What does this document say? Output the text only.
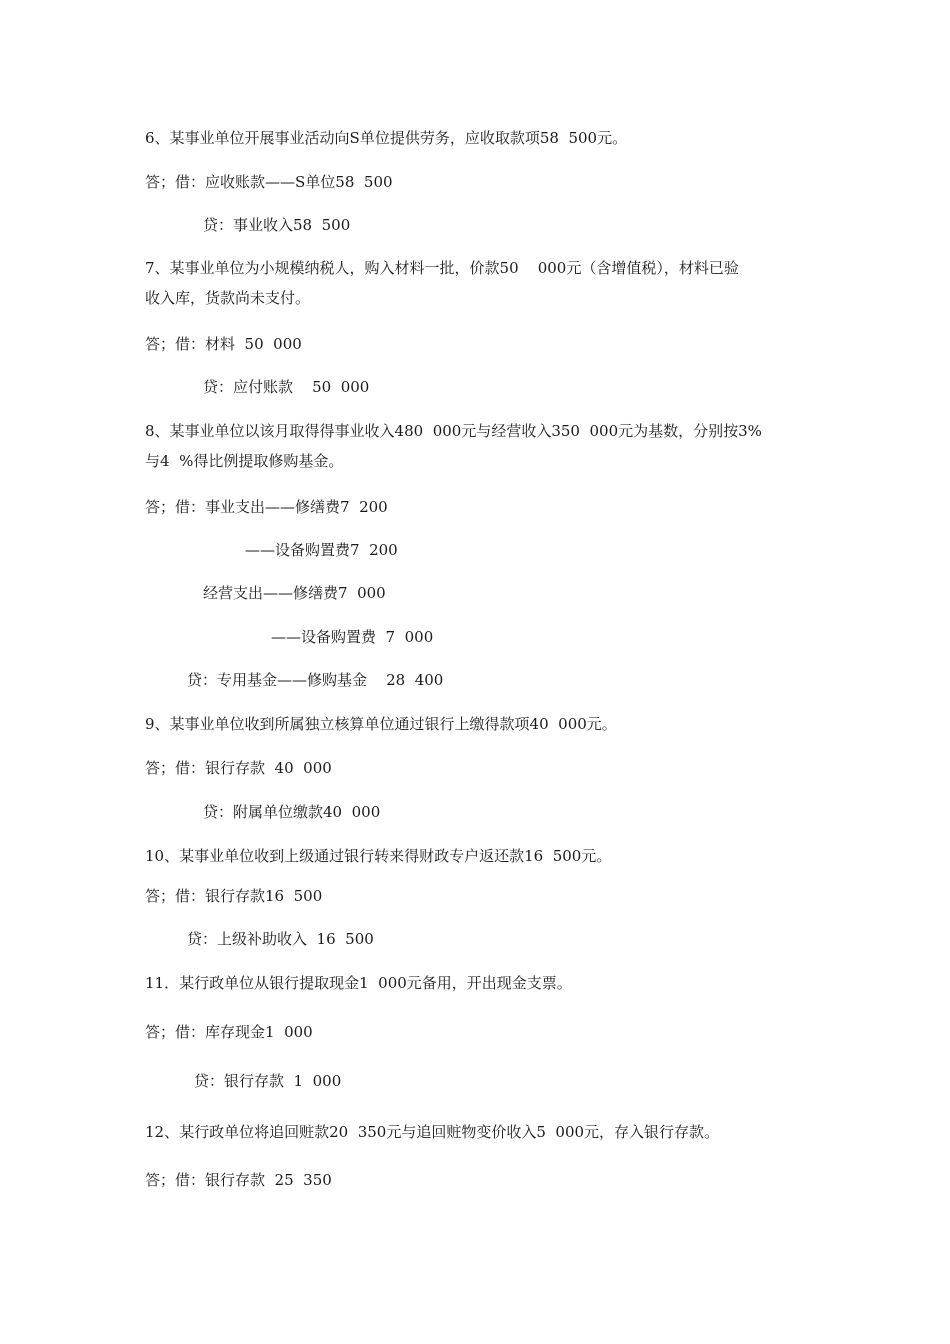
6、某事业单位开展事业活动向S单位提供劳务，应收取款项58  500元。
答；借：应收账款——S单位58  500
贷：事业收入58  500
7、某事业单位为小规模纳税人，购入材料一批，价款50    000元（含增值税），材料已验
收入库，货款尚未支付。
答；借：材料  50  000
贷：应付账款    50  000
8、某事业单位以该月取得得事业收入480  000元与经营收入350  000元为基数，分别按3%
与4  %得比例提取修购基金。
答；借：事业支出——修缮费7  200
——设备购置费7  200
经营支出——修缮费7  000
——设备购置费  7  000
贷：专用基金——修购基金    28  400
9、某事业单位收到所属独立核算单位通过银行上缴得款项40  000元。
答；借：银行存款  40  000
贷：附属单位缴款40  000
10、某事业单位收到上级通过银行转来得财政专户返还款16  500元。
答；借：银行存款16  500
贷：上级补助收入  16  500
11．某行政单位从银行提取现金1  000元备用，开出现金支票。
答；借：库存现金1  000
贷：银行存款  1  000
12、某行政单位将追回赃款20  350元与追回赃物变价收入5  000元，存入银行存款。
答；借：银行存款  25  350
